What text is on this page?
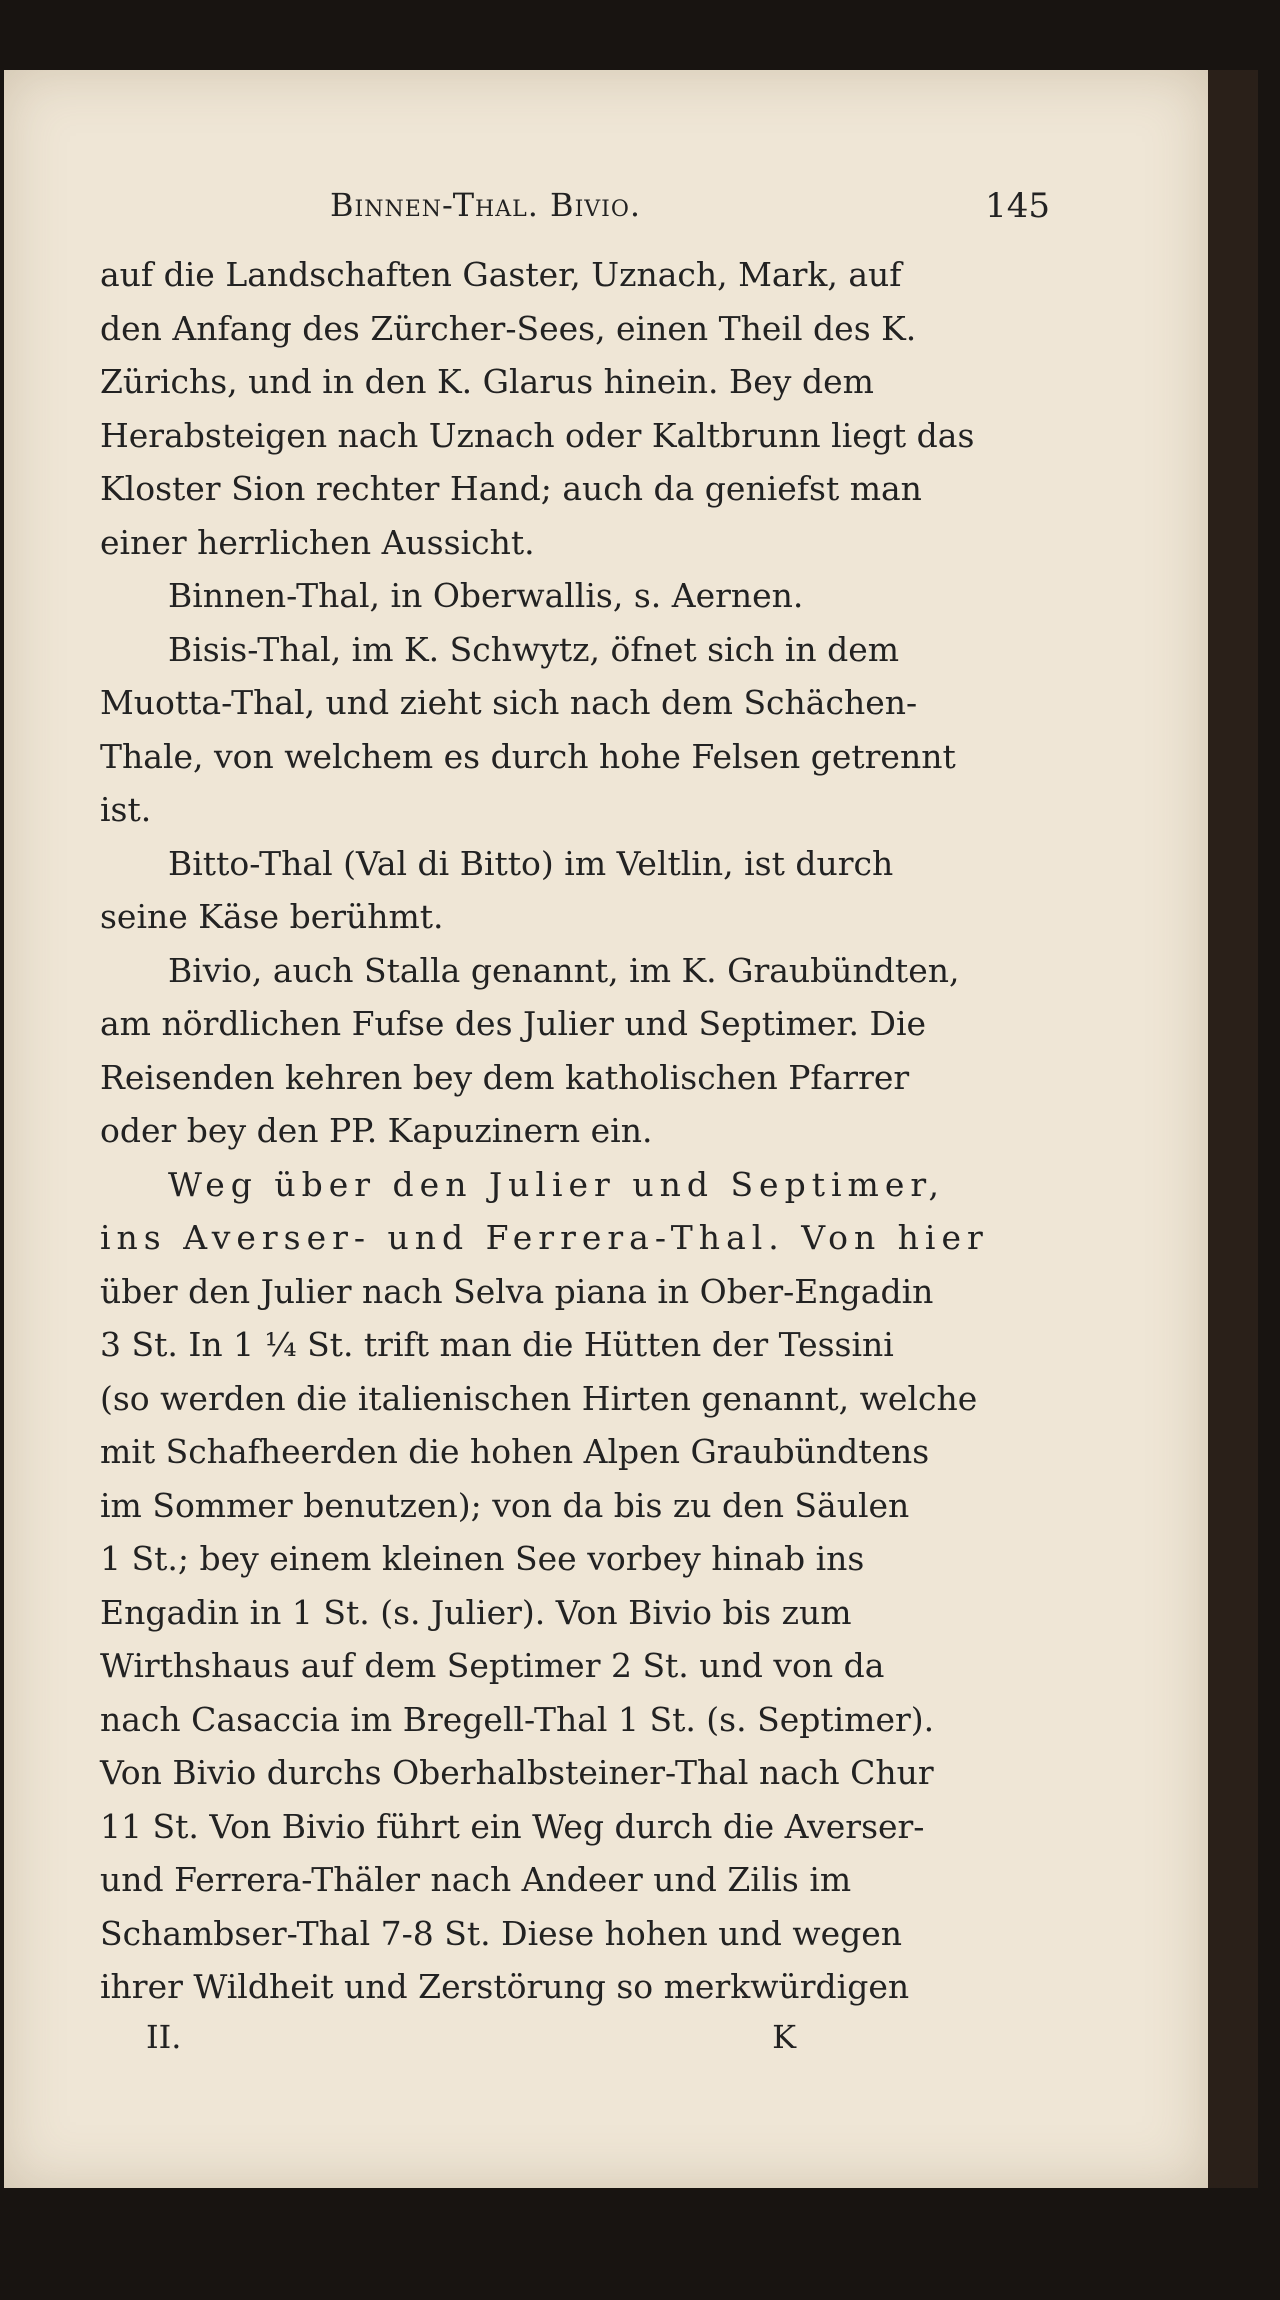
Binnen-Thal. Bivio.	145
auf die Landschaften Gaster, Uznach, Mark, auf
den Anfang des Zürcher-Sees, einen Theil des K.
Zürichs, und in den K. Glarus hinein. Bey dem
Herabsteigen nach Uznach oder Kaltbrunn liegt das
Kloster Sion rechter Hand; auch da geniefst man
einer herrlichen Aussicht.
Binnen-Thal, in Oberwallis, s. Aernen.
Bisis-Thal, im K. Schwytz, öfnet sich in dem
Muotta-Thal, und zieht sich nach dem Schächen-
Thale, von welchem es durch hohe Felsen getrennt
ist.
Bitto-Thal (Val di Bitto) im Veltlin, ist durch
seine Käse berühmt.
Bivio, auch Stalla genannt, im K. Graubündten,
am nördlichen Fufse des Julier und Septimer. Die
Reisenden kehren bey dem katholischen Pfarrer
oder bey den PP. Kapuzinern ein.
Weg über den Julier und Septimer,
ins Averser- und Ferrera-Thal. Von hier
über den Julier nach Selva piana in Ober-Engadin
3 St. In 1 ¼ St. trift man die Hütten der Tessini
(so werden die italienischen Hirten genannt, welche
mit Schafheerden die hohen Alpen Graubündtens
im Sommer benutzen); von da bis zu den Säulen
1 St.; bey einem kleinen See vorbey hinab ins
Engadin in 1 St. (s. Julier). Von Bivio bis zum
Wirthshaus auf dem Septimer 2 St. und von da
nach Casaccia im Bregell-Thal 1 St. (s. Septimer).
Von Bivio durchs Oberhalbsteiner-Thal nach Chur
11 St. Von Bivio führt ein Weg durch die Averser-
und Ferrera-Thäler nach Andeer und Zilis im
Schambser-Thal 7-8 St. Diese hohen und wegen
ihrer Wildheit und Zerstörung so merkwürdigen
II.	K
